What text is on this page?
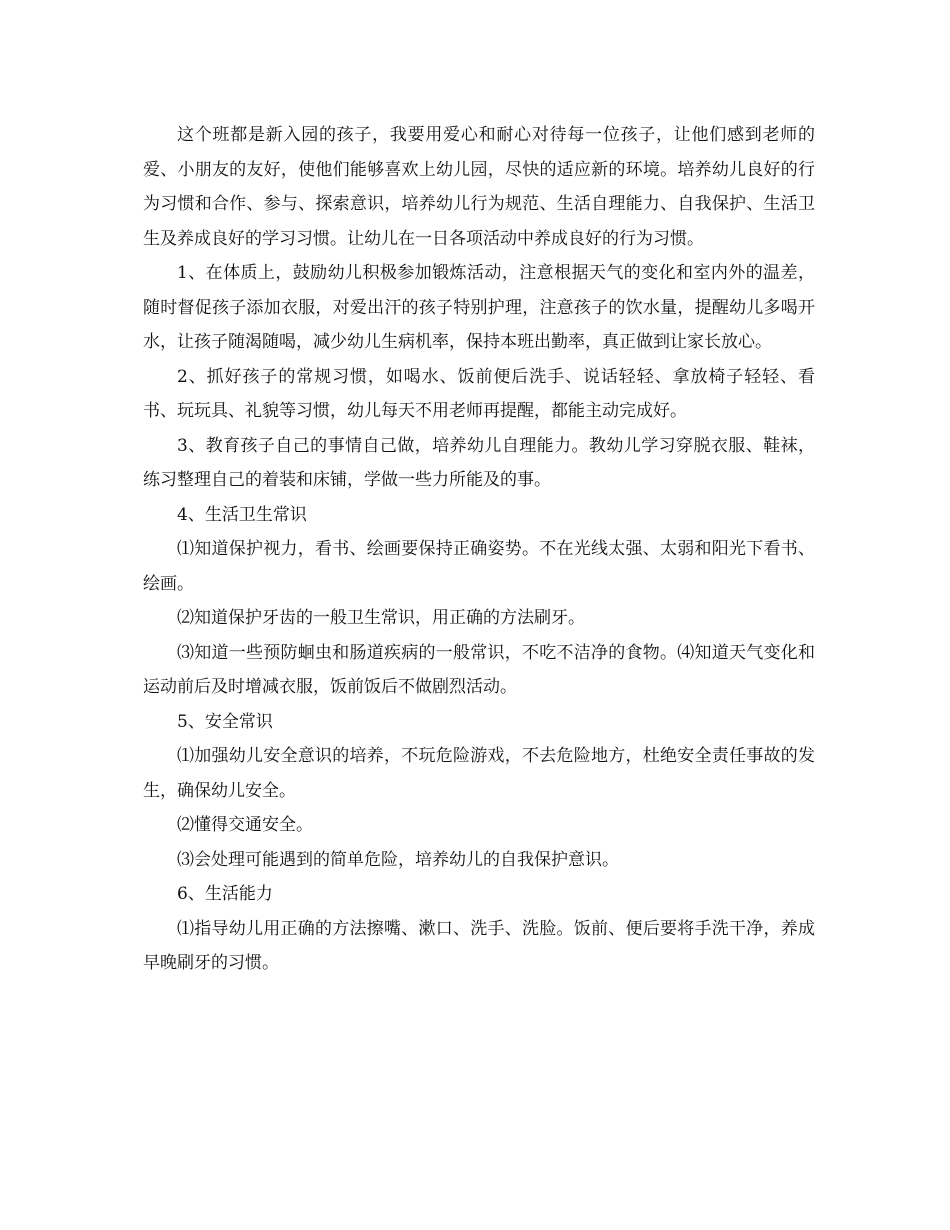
这个班都是新入园的孩子，我要用爱心和耐心对待每一位孩子，让他们感到老师的爱、小朋友的友好，使他们能够喜欢上幼儿园，尽快的适应新的环境。培养幼儿良好的行为习惯和合作、参与、探索意识，培养幼儿行为规范、生活自理能力、自我保护、生活卫生及养成良好的学习习惯。让幼儿在一日各项活动中养成良好的行为习惯。

1、在体质上，鼓励幼儿积极参加锻炼活动，注意根据天气的变化和室内外的温差，随时督促孩子添加衣服，对爱出汗的孩子特别护理，注意孩子的饮水量，提醒幼儿多喝开水，让孩子随渴随喝，减少幼儿生病机率，保持本班出勤率，真正做到让家长放心。

2、抓好孩子的常规习惯，如喝水、饭前便后洗手、说话轻轻、拿放椅子轻轻、看书、玩玩具、礼貌等习惯，幼儿每天不用老师再提醒，都能主动完成好。

3、教育孩子自己的事情自己做，培养幼儿自理能力。教幼儿学习穿脱衣服、鞋袜，练习整理自己的着装和床铺，学做一些力所能及的事。

4、生活卫生常识

⑴知道保护视力，看书、绘画要保持正确姿势。不在光线太强、太弱和阳光下看书、绘画。

⑵知道保护牙齿的一般卫生常识，用正确的方法刷牙。

⑶知道一些预防蛔虫和肠道疾病的一般常识，不吃不洁净的食物。⑷知道天气变化和运动前后及时增减衣服，饭前饭后不做剧烈活动。

5、安全常识

⑴加强幼儿安全意识的培养，不玩危险游戏，不去危险地方，杜绝安全责任事故的发生，确保幼儿安全。

⑵懂得交通安全。

⑶会处理可能遇到的简单危险，培养幼儿的自我保护意识。

6、生活能力

⑴指导幼儿用正确的方法擦嘴、漱口、洗手、洗脸。饭前、便后要将手洗干净，养成早晚刷牙的习惯。
